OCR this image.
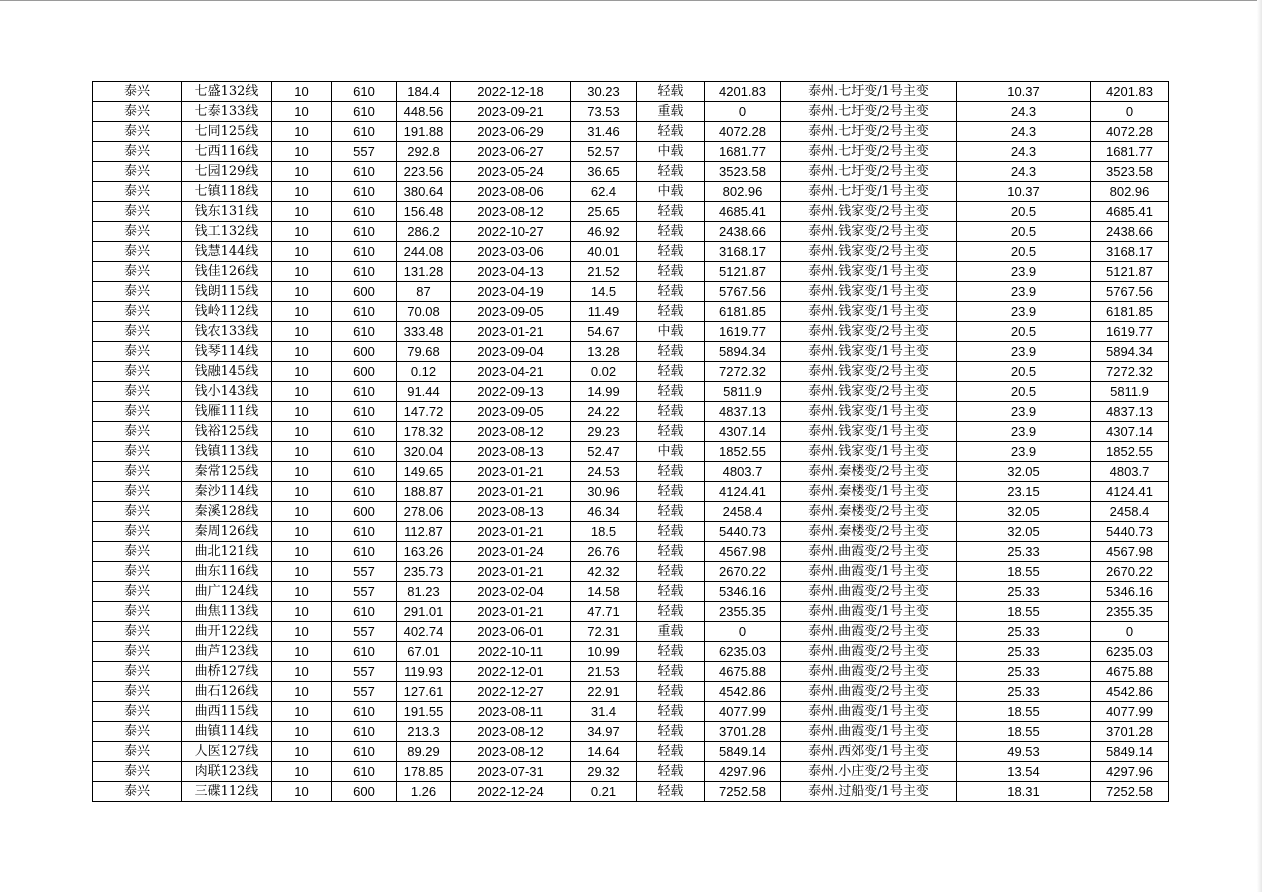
泰兴	七盛132线	10	610	184.4	2022-12-18	30.23	轻载	4201.83	泰州.七圩变/1号主变	10.37	4201.83
泰兴	七泰133线	10	610	448.56	2023-09-21	73.53	重载	0	泰州.七圩变/2号主变	24.3	0
泰兴	七同125线	10	610	191.88	2023-06-29	31.46	轻载	4072.28	泰州.七圩变/2号主变	24.3	4072.28
泰兴	七西116线	10	557	292.8	2023-06-27	52.57	中载	1681.77	泰州.七圩变/2号主变	24.3	1681.77
泰兴	七园129线	10	610	223.56	2023-05-24	36.65	轻载	3523.58	泰州.七圩变/2号主变	24.3	3523.58
泰兴	七镇118线	10	610	380.64	2023-08-06	62.4	中载	802.96	泰州.七圩变/1号主变	10.37	802.96
泰兴	钱东131线	10	610	156.48	2023-08-12	25.65	轻载	4685.41	泰州.钱家变/2号主变	20.5	4685.41
泰兴	钱工132线	10	610	286.2	2022-10-27	46.92	轻载	2438.66	泰州.钱家变/2号主变	20.5	2438.66
泰兴	钱慧144线	10	610	244.08	2023-03-06	40.01	轻载	3168.17	泰州.钱家变/2号主变	20.5	3168.17
泰兴	钱佳126线	10	610	131.28	2023-04-13	21.52	轻载	5121.87	泰州.钱家变/1号主变	23.9	5121.87
泰兴	钱朗115线	10	600	87	2023-04-19	14.5	轻载	5767.56	泰州.钱家变/1号主变	23.9	5767.56
泰兴	钱岭112线	10	610	70.08	2023-09-05	11.49	轻载	6181.85	泰州.钱家变/1号主变	23.9	6181.85
泰兴	钱农133线	10	610	333.48	2023-01-21	54.67	中载	1619.77	泰州.钱家变/2号主变	20.5	1619.77
泰兴	钱琴114线	10	600	79.68	2023-09-04	13.28	轻载	5894.34	泰州.钱家变/1号主变	23.9	5894.34
泰兴	钱融145线	10	600	0.12	2023-04-21	0.02	轻载	7272.32	泰州.钱家变/2号主变	20.5	7272.32
泰兴	钱小143线	10	610	91.44	2022-09-13	14.99	轻载	5811.9	泰州.钱家变/2号主变	20.5	5811.9
泰兴	钱雁111线	10	610	147.72	2023-09-05	24.22	轻载	4837.13	泰州.钱家变/1号主变	23.9	4837.13
泰兴	钱裕125线	10	610	178.32	2023-08-12	29.23	轻载	4307.14	泰州.钱家变/1号主变	23.9	4307.14
泰兴	钱镇113线	10	610	320.04	2023-08-13	52.47	中载	1852.55	泰州.钱家变/1号主变	23.9	1852.55
泰兴	秦常125线	10	610	149.65	2023-01-21	24.53	轻载	4803.7	泰州.秦楼变/2号主变	32.05	4803.7
泰兴	秦沙114线	10	610	188.87	2023-01-21	30.96	轻载	4124.41	泰州.秦楼变/1号主变	23.15	4124.41
泰兴	秦溪128线	10	600	278.06	2023-08-13	46.34	轻载	2458.4	泰州.秦楼变/2号主变	32.05	2458.4
泰兴	秦周126线	10	610	112.87	2023-01-21	18.5	轻载	5440.73	泰州.秦楼变/2号主变	32.05	5440.73
泰兴	曲北121线	10	610	163.26	2023-01-24	26.76	轻载	4567.98	泰州.曲霞变/2号主变	25.33	4567.98
泰兴	曲东116线	10	557	235.73	2023-01-21	42.32	轻载	2670.22	泰州.曲霞变/1号主变	18.55	2670.22
泰兴	曲广124线	10	557	81.23	2023-02-04	14.58	轻载	5346.16	泰州.曲霞变/2号主变	25.33	5346.16
泰兴	曲焦113线	10	610	291.01	2023-01-21	47.71	轻载	2355.35	泰州.曲霞变/1号主变	18.55	2355.35
泰兴	曲开122线	10	557	402.74	2023-06-01	72.31	重载	0	泰州.曲霞变/2号主变	25.33	0
泰兴	曲芦123线	10	610	67.01	2022-10-11	10.99	轻载	6235.03	泰州.曲霞变/2号主变	25.33	6235.03
泰兴	曲桥127线	10	557	119.93	2022-12-01	21.53	轻载	4675.88	泰州.曲霞变/2号主变	25.33	4675.88
泰兴	曲石126线	10	557	127.61	2022-12-27	22.91	轻载	4542.86	泰州.曲霞变/2号主变	25.33	4542.86
泰兴	曲西115线	10	610	191.55	2023-08-11	31.4	轻载	4077.99	泰州.曲霞变/1号主变	18.55	4077.99
泰兴	曲镇114线	10	610	213.3	2023-08-12	34.97	轻载	3701.28	泰州.曲霞变/1号主变	18.55	3701.28
泰兴	人医127线	10	610	89.29	2023-08-12	14.64	轻载	5849.14	泰州.西郊变/1号主变	49.53	5849.14
泰兴	肉联123线	10	610	178.85	2023-07-31	29.32	轻载	4297.96	泰州.小庄变/2号主变	13.54	4297.96
泰兴	三碟112线	10	600	1.26	2022-12-24	0.21	轻载	7252.58	泰州.过船变/1号主变	18.31	7252.58
